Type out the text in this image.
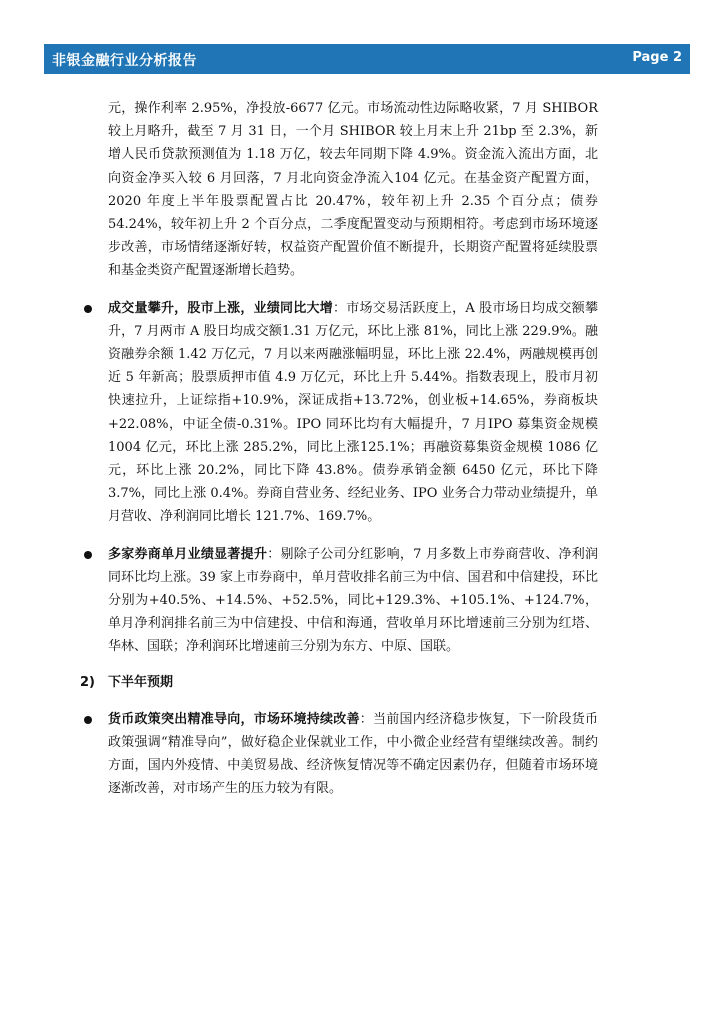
非银金融行业分析报告	Page 2

元，操作利率 2.95%，净投放-6677 亿元。市场流动性边际略收紧，7 月 SHIBOR 较上月略升，截至 7 月 31 日，一个月 SHIBOR 较上月末上升 21bp 至 2.3%，新增人民币贷款预测值为 1.18 万亿，较去年同期下降 4.9%。资金流入流出方面，北向资金净买入较 6 月回落，7 月北向资金净流入104 亿元。在基金资产配置方面，2020 年度上半年股票配置占比 20.47%，较年初上升 2.35 个百分点；债券 54.24%，较年初上升 2 个百分点，二季度配置变动与预期相符。考虑到市场环境逐步改善，市场情绪逐渐好转，权益资产配置价值不断提升，长期资产配置将延续股票和基金类资产配置逐渐增长趋势。

成交量攀升，股市上涨，业绩同比大增：市场交易活跃度上，A 股市场日均成交额攀升，7 月两市 A 股日均成交额1.31 万亿元，环比上涨 81%，同比上涨 229.9%。融资融券余额 1.42 万亿元，7 月以来两融涨幅明显，环比上涨 22.4%，两融规模再创近 5 年新高；股票质押市值 4.9 万亿元，环比上升 5.44%。指数表现上，股市月初快速拉升，上证综指+10.9%，深证成指+13.72%，创业板+14.65%，券商板块+22.08%，中证全债-0.31%。IPO 同环比均有大幅提升，7 月IPO 募集资金规模 1004 亿元，环比上涨 285.2%，同比上涨125.1%；再融资募集资金规模 1086 亿元，环比上涨 20.2%，同比下降 43.8%。债券承销金额 6450 亿元，环比下降 3.7%，同比上涨 0.4%。券商自营业务、经纪业务、IPO 业务合力带动业绩提升，单月营收、净利润同比增长 121.7%、169.7%。

多家券商单月业绩显著提升：剔除子公司分红影响，7 月多数上市券商营收、净利润同环比均上涨。39 家上市券商中，单月营收排名前三为中信、国君和中信建投，环比分别为+40.5%、+14.5%、+52.5%，同比+129.3%、+105.1%、+124.7%，单月净利润排名前三为中信建投、中信和海通，营收单月环比增速前三分别为红塔、华林、国联；净利润环比增速前三分别为东方、中原、国联。

2) 下半年预期

货币政策突出精准导向，市场环境持续改善：当前国内经济稳步恢复，下一阶段货币政策强调“精准导向”，做好稳企业保就业工作，中小微企业经营有望继续改善。制约方面，国内外疫情、中美贸易战、经济恢复情况等不确定因素仍存，但随着市场环境逐渐改善，对市场产生的压力较为有限。
